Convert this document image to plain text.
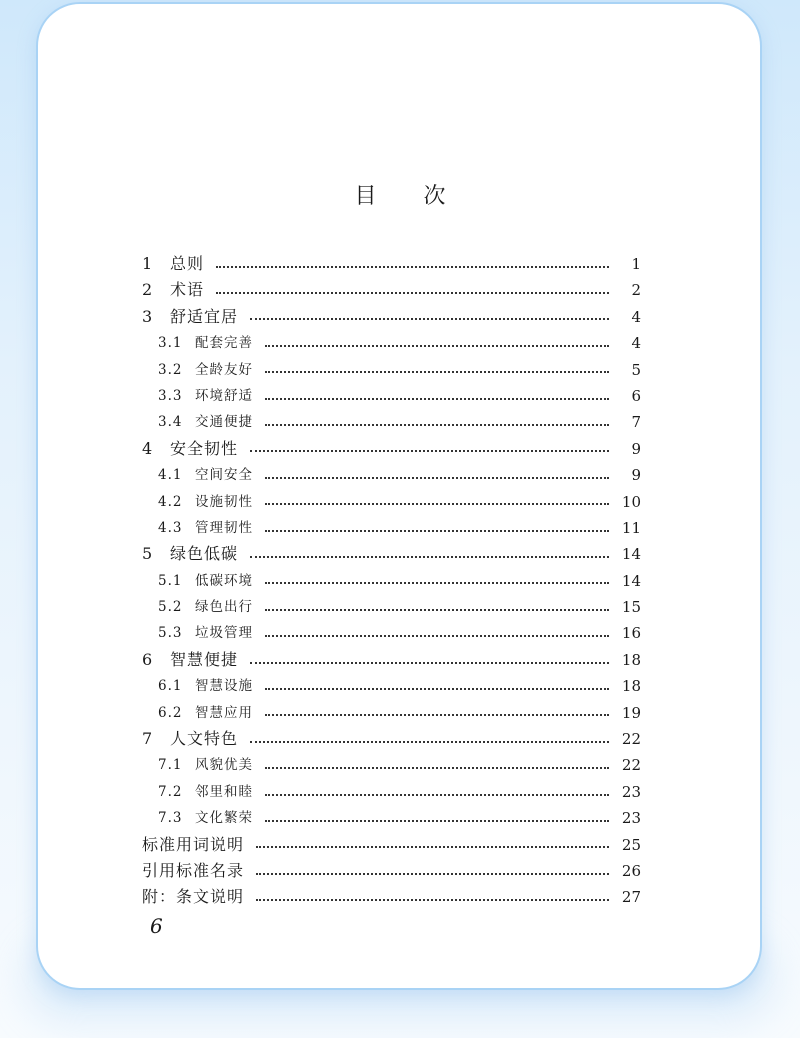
目 次
1	总则	1
2	术语	2
3	舒适宜居	4
3.1 配套完善	4
3.2 全龄友好	5
3.3 环境舒适	6
3.4 交通便捷	7
4	安全韧性	9
4.1 空间安全	9
4.2 设施韧性	10
4.3 管理韧性	11
5	绿色低碳	14
5.1 低碳环境	14
5.2 绿色出行	15
5.3 垃圾管理	16
6	智慧便捷	18
6.1 智慧设施	18
6.2 智慧应用	19
7	人文特色	22
7.1 风貌优美	22
7.2 邻里和睦	23
7.3 文化繁荣	23
标准用词说明	25
引用标准名录	26
附：条文说明	27
6
